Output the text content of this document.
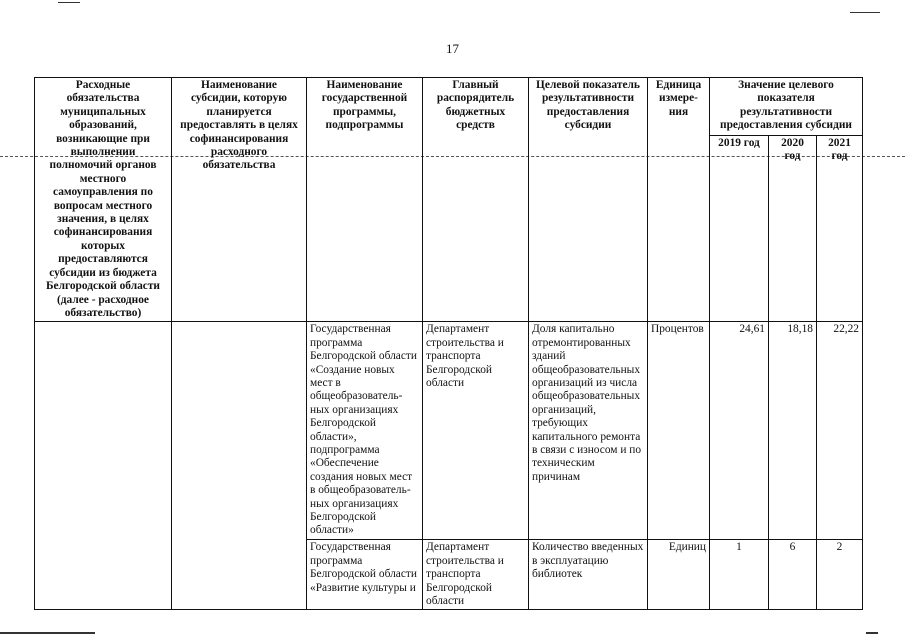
17
Расходные обязательства муниципальных образований, возникающие при выполнении полномочий органов местного самоуправления по вопросам местного значения, в целях софинансирования которых предоставляются субсидии из бюджета Белгородской области (далее - расходное обязательство)	Наименование субсидии, которую планируется предоставлять в целях софинансирования расходного обязательства	Наименование государственной программы, подпрограммы	Главный распорядитель бюджетных средств	Целевой показатель результативности предоставления субсидии	Единица измере-ния	Значение целевого показателя результативности предоставления субсидии		
						2019 год	2020 год	2021 год
		Государственная программа Белгородской области «Создание новых мест в общеобразователь-ных организациях Белгородской области», подпрограмма «Обеспечение создания новых мест в общеобразователь-ных организациях Белгородской области»	Департамент строительства и транспорта Белгородской области	Доля капитально отремонтированных зданий общеобразовательных организаций из числа общеобразовательных организаций, требующих капитального ремонта в связи с износом и по техническим причинам	Процентов	24,61	18,18	22,22
		Государственная программа Белгородской области «Развитие культуры и	Департамент строительства и транспорта Белгородской области	Количество введенных в эксплуатацию библиотек	Единиц	1	6	2
